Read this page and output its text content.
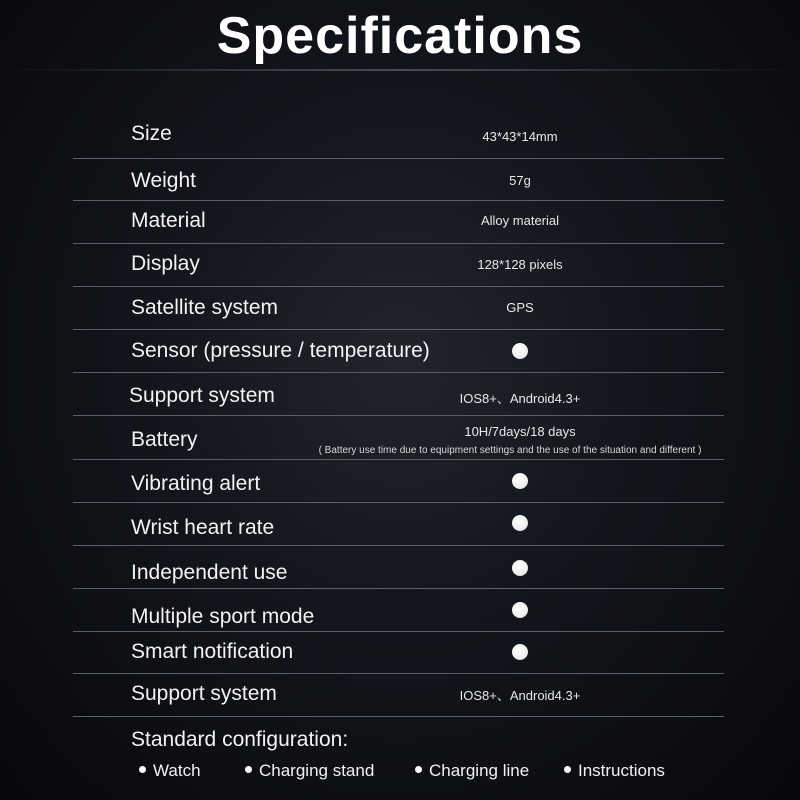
Specifications
Size	43*43*14mm
Weight	57g
Material	Alloy material
Display	128*128 pixels
Satellite system	GPS
Sensor (pressure / temperature)
Support system	IOS8+、Android4.3+
Battery	10H/7days/18 days
( Battery use time due to equipment settings and the use of the situation and different )
Vibrating alert
Wrist heart rate
Independent use
Multiple sport mode
Smart notification
Support system	IOS8+、Android4.3+
Standard configuration:
Watch	Charging stand	Charging line	Instructions
